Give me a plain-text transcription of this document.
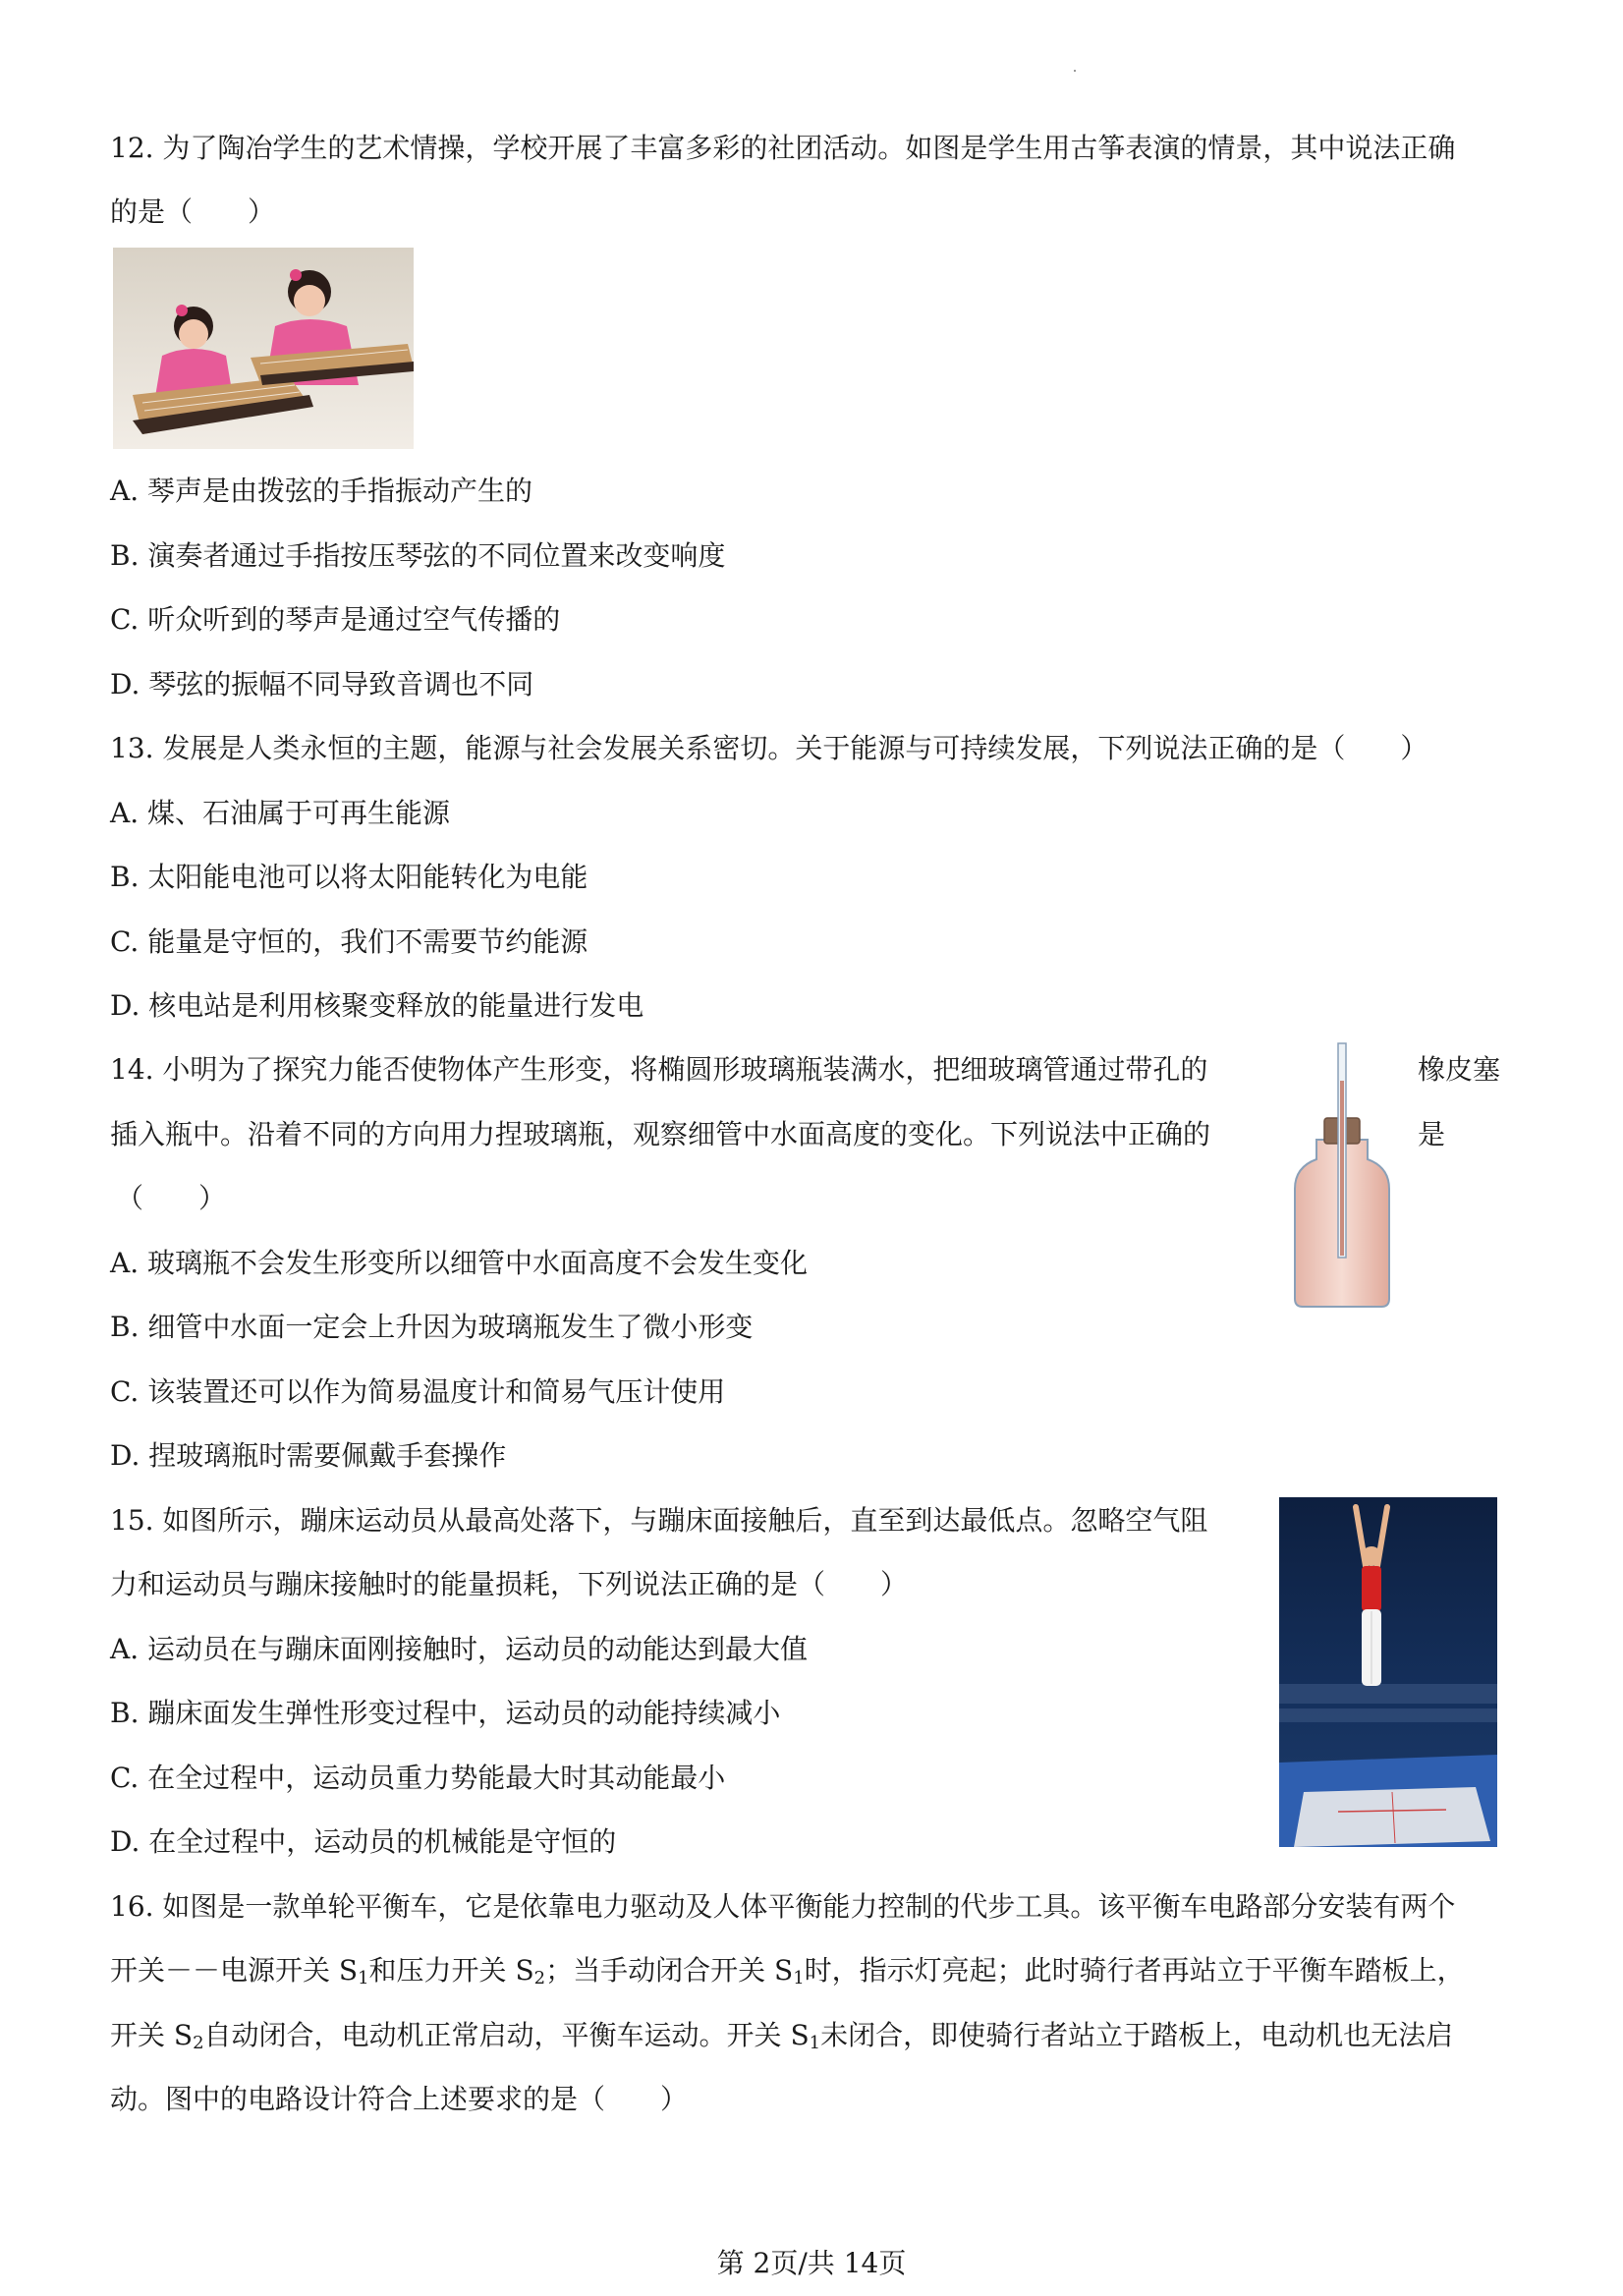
12. 为了陶冶学生的艺术情操，学校开展了丰富多彩的社团活动。如图是学生用古筝表演的情景，其中说法正确
的是（　　）
A. 琴声是由拨弦的手指振动产生的
B. 演奏者通过手指按压琴弦的不同位置来改变响度
C. 听众听到的琴声是通过空气传播的
D. 琴弦的振幅不同导致音调也不同
13. 发展是人类永恒的主题，能源与社会发展关系密切。关于能源与可持续发展，下列说法正确的是（　　）
A. 煤、石油属于可再生能源
B. 太阳能电池可以将太阳能转化为电能
C. 能量是守恒的，我们不需要节约能源
D. 核电站是利用核聚变释放的能量进行发电
14. 小明为了探究力能否使物体产生形变，将椭圆形玻璃瓶装满水，把细玻璃管通过带孔的	橡皮塞
插入瓶中。沿着不同的方向用力捏玻璃瓶，观察细管中水面高度的变化。下列说法中正确的	是
（　　）
A. 玻璃瓶不会发生形变所以细管中水面高度不会发生变化
B. 细管中水面一定会上升因为玻璃瓶发生了微小形变
C. 该装置还可以作为简易温度计和简易气压计使用
D. 捏玻璃瓶时需要佩戴手套操作
15. 如图所示，蹦床运动员从最高处落下，与蹦床面接触后，直至到达最低点。忽略空气阻
力和运动员与蹦床接触时的能量损耗，下列说法正确的是（　　）
A. 运动员在与蹦床面刚接触时，运动员的动能达到最大值
B. 蹦床面发生弹性形变过程中，运动员的动能持续减小
C. 在全过程中，运动员重力势能最大时其动能最小
D. 在全过程中，运动员的机械能是守恒的
16. 如图是一款单轮平衡车，它是依靠电力驱动及人体平衡能力控制的代步工具。该平衡车电路部分安装有两个
开关－－电源开关 $S_1$和压力开关 $S_2$；当手动闭合开关 $S_1$时，指示灯亮起；此时骑行者再站立于平衡车踏板上，
开关 $S_2$自动闭合，电动机正常启动，平衡车运动。开关 $S_1$未闭合，即使骑行者站立于踏板上，电动机也无法启
动。图中的电路设计符合上述要求的是（　　）
第 2页/共 14页
